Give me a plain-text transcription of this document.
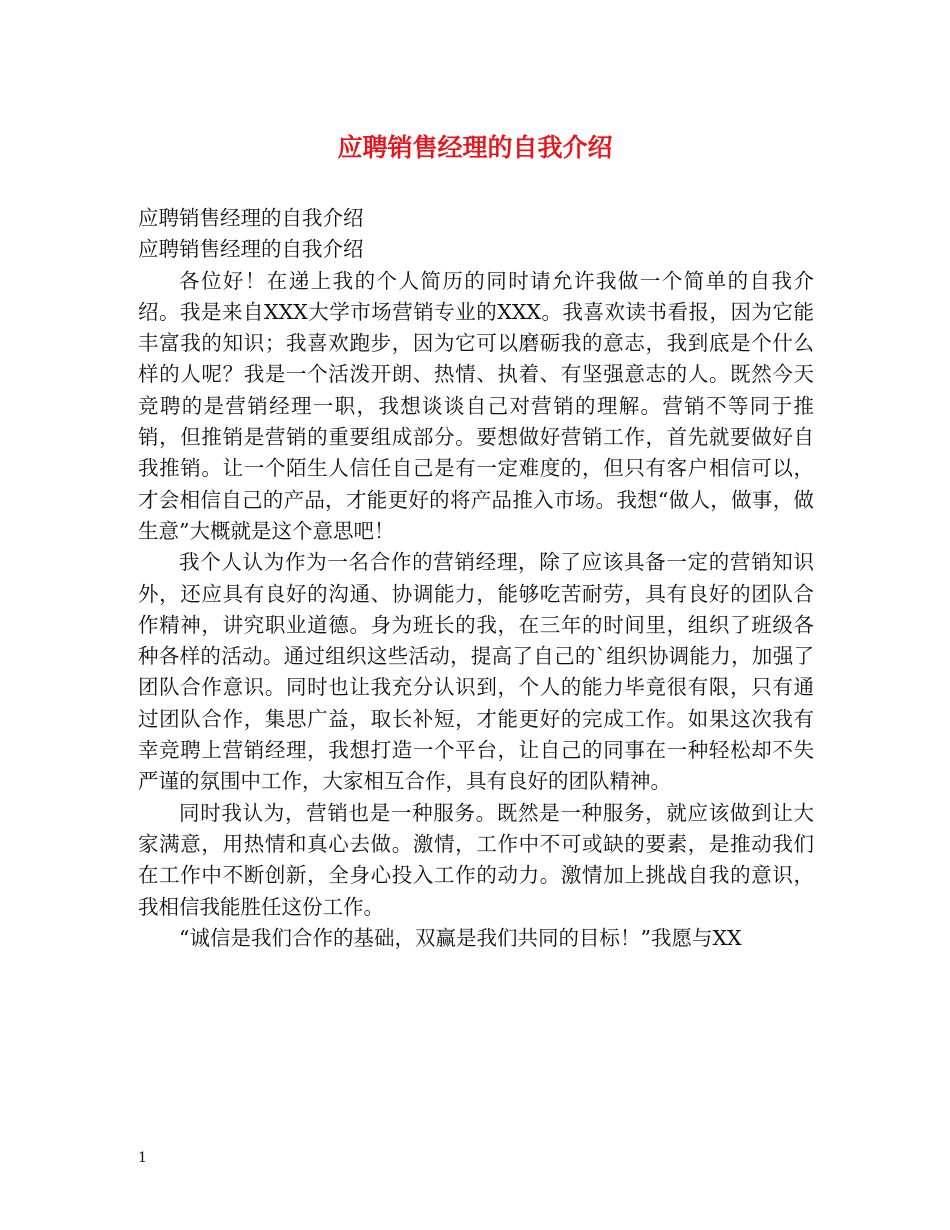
应聘销售经理的自我介绍

应聘销售经理的自我介绍

应聘销售经理的自我介绍

各位好！在递上我的个人简历的同时请允许我做一个简单的自我介绍。我是来自XXX大学市场营销专业的XXX。我喜欢读书看报，因为它能丰富我的知识；我喜欢跑步，因为它可以磨砺我的意志，我到底是个什么样的人呢？我是一个活泼开朗、热情、执着、有坚强意志的人。既然今天竞聘的是营销经理一职，我想谈谈自己对营销的理解。营销不等同于推销，但推销是营销的重要组成部分。要想做好营销工作，首先就要做好自我推销。让一个陌生人信任自己是有一定难度的，但只有客户相信可以，才会相信自己的产品，才能更好的将产品推入市场。我想“做人，做事，做生意”大概就是这个意思吧！

我个人认为作为一名合作的营销经理，除了应该具备一定的营销知识外，还应具有良好的沟通、协调能力，能够吃苦耐劳，具有良好的团队合作精神，讲究职业道德。身为班长的我，在三年的时间里，组织了班级各种各样的活动。通过组织这些活动，提高了自己的`组织协调能力，加强了团队合作意识。同时也让我充分认识到，个人的能力毕竟很有限，只有通过团队合作，集思广益，取长补短，才能更好的完成工作。如果这次我有幸竞聘上营销经理，我想打造一个平台，让自己的同事在一种轻松却不失严谨的氛围中工作，大家相互合作，具有良好的团队精神。

同时我认为，营销也是一种服务。既然是一种服务，就应该做到让大家满意，用热情和真心去做。激情，工作中不可或缺的要素，是推动我们在工作中不断创新，全身心投入工作的动力。激情加上挑战自我的意识，我相信我能胜任这份工作。

“诚信是我们合作的基础，双赢是我们共同的目标！”我愿与XX

1
